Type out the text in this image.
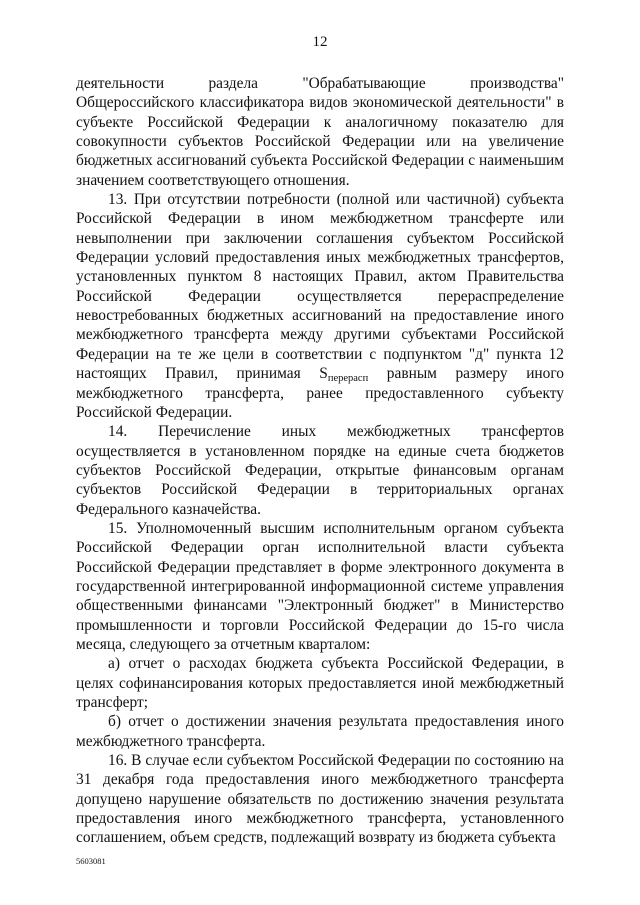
12

деятельности раздела "Обрабатывающие производства" Общероссийского классификатора видов экономической деятельности" в субъекте Российской Федерации к аналогичному показателю для совокупности субъектов Российской Федерации или на увеличение бюджетных ассигнований субъекта Российской Федерации с наименьшим значением соответствующего отношения.

13. При отсутствии потребности (полной или частичной) субъекта Российской Федерации в ином межбюджетном трансферте или невыполнении при заключении соглашения субъектом Российской Федерации условий предоставления иных межбюджетных трансфертов, установленных пунктом 8 настоящих Правил, актом Правительства Российской Федерации осуществляется перераспределение невостребованных бюджетных ассигнований на предоставление иного межбюджетного трансферта между другими субъектами Российской Федерации на те же цели в соответствии с подпунктом "д" пункта 12 настоящих Правил, принимая $S_{перерасп}$ равным размеру иного межбюджетного трансферта, ранее предоставленного субъекту Российской Федерации.

14. Перечисление иных межбюджетных трансфертов осуществляется в установленном порядке на единые счета бюджетов субъектов Российской Федерации, открытые финансовым органам субъектов Российской Федерации в территориальных органах Федерального казначейства.

15. Уполномоченный высшим исполнительным органом субъекта Российской Федерации орган исполнительной власти субъекта Российской Федерации представляет в форме электронного документа в государственной интегрированной информационной системе управления общественными финансами "Электронный бюджет" в Министерство промышленности и торговли Российской Федерации до 15-го числа месяца, следующего за отчетным кварталом:

а) отчет о расходах бюджета субъекта Российской Федерации, в целях софинансирования которых предоставляется иной межбюджетный трансферт;

б) отчет о достижении значения результата предоставления иного межбюджетного трансферта.

16. В случае если субъектом Российской Федерации по состоянию на 31 декабря года предоставления иного межбюджетного трансферта допущено нарушение обязательств по достижению значения результата предоставления иного межбюджетного трансферта, установленного соглашением, объем средств, подлежащий возврату из бюджета субъекта

5603081
